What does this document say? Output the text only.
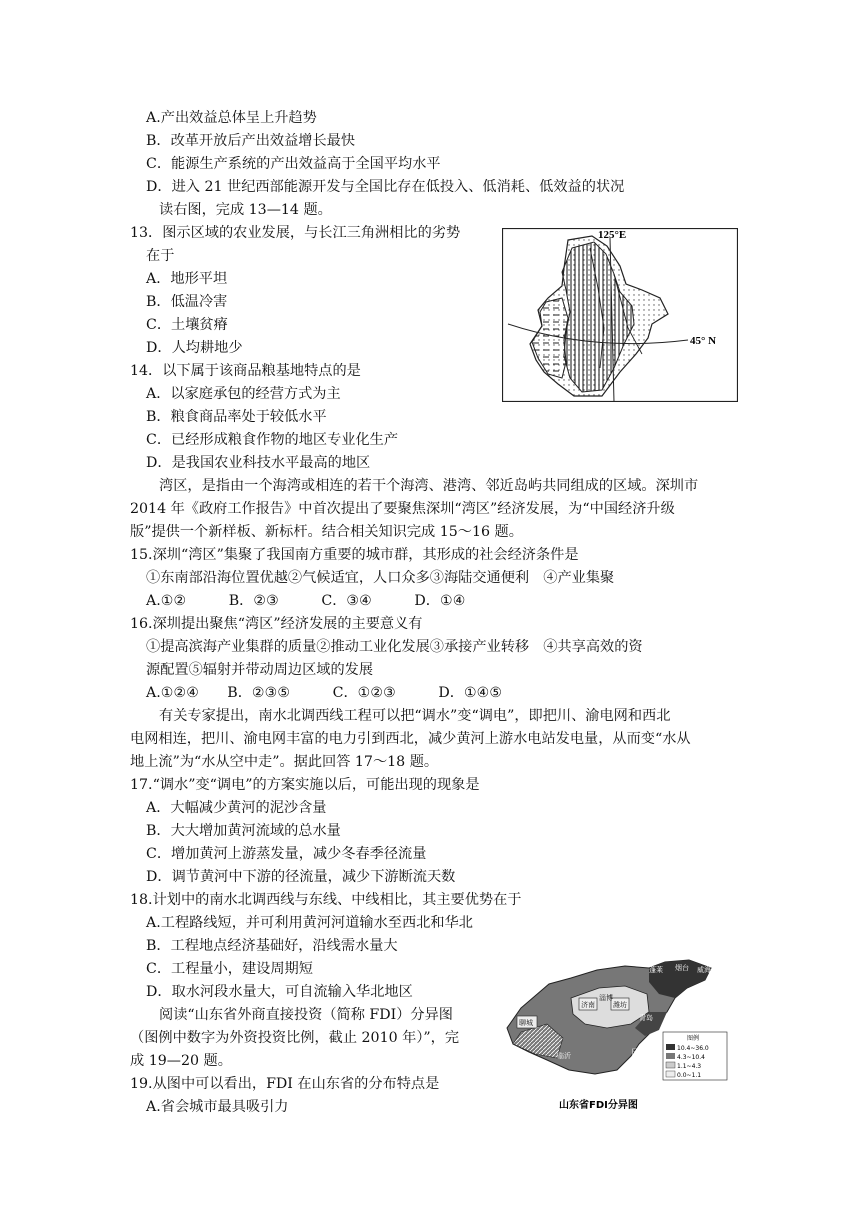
A.产出效益总体呈上升趋势
B．改革开放后产出效益增长最快
C．能源生产系统的产出效益高于全国平均水平
D．进入 21 世纪西部能源开发与全国比存在低投入、低消耗、低效益的状况
读右图，完成 13—14 题。
13．图示区域的农业发展，与长江三角洲相比的劣势
在于
A．地形平坦
B．低温冷害
C．土壤贫瘠
D．人均耕地少
14．以下属于该商品粮基地特点的是
A．以家庭承包的经营方式为主
B．粮食商品率处于较低水平
C．已经形成粮食作物的地区专业化生产
D．是我国农业科技水平最高的地区
湾区，是指由一个海湾或相连的若干个海湾、港湾、邻近岛屿共同组成的区域。深圳市
2014 年《政府工作报告》中首次提出了要聚焦深圳“湾区”经济发展，为“中国经济升级
版”提供一个新样板、新标杆。结合相关知识完成 15～16 题。
15.深圳“湾区”集聚了我国南方重要的城市群，其形成的社会经济条件是
①东南部沿海位置优越②气候适宜，人口众多③海陆交通便利　④产业集聚
A.①②　　　B．②③　　　C．③④　　　D．①④
16.深圳提出聚焦“湾区”经济发展的主要意义有
①提高滨海产业集群的质量②推动工业化发展③承接产业转移　④共享高效的资
源配置⑤辐射并带动周边区域的发展
A.①②④　　B．②③⑤　　　C．①②③　　　D．①④⑤
有关专家提出，南水北调西线工程可以把“调水”变“调电”，即把川、渝电网和西北
电网相连，把川、渝电网丰富的电力引到西北，减少黄河上游水电站发电量，从而变“水从
地上流”为“水从空中走”。据此回答 17～18 题。
17.“调水”变“调电”的方案实施以后，可能出现的现象是
A．大幅减少黄河的泥沙含量
B．大大增加黄河流域的总水量
C．增加黄河上游蒸发量，减少冬春季径流量
D．调节黄河中下游的径流量，减少下游断流天数
18.计划中的南水北调西线与东线、中线相比，其主要优势在于
A.工程路线短，并可利用黄河河道输水至西北和华北
B．工程地点经济基础好，沿线需水量大
C．工程量小，建设周期短
D．取水河段水量大，可自流输入华北地区
阅读“山东省外商直接投资（简称 FDI）分异图
（图例中数字为外资投资比例，截止 2010 年）”，完
成 19—20 题。
19.从图中可以看出，FDI 在山东省的分布特点是
A.省会城市最具吸引力
125°E
45° N
蓬莱 烟台 威海
济南
淄博
潍坊
青岛
聊城
日照
临沂
图例
10.4~36.0
4.3~10.4
1.1~4.3
0.0~1.1
山东省FDI分异图
